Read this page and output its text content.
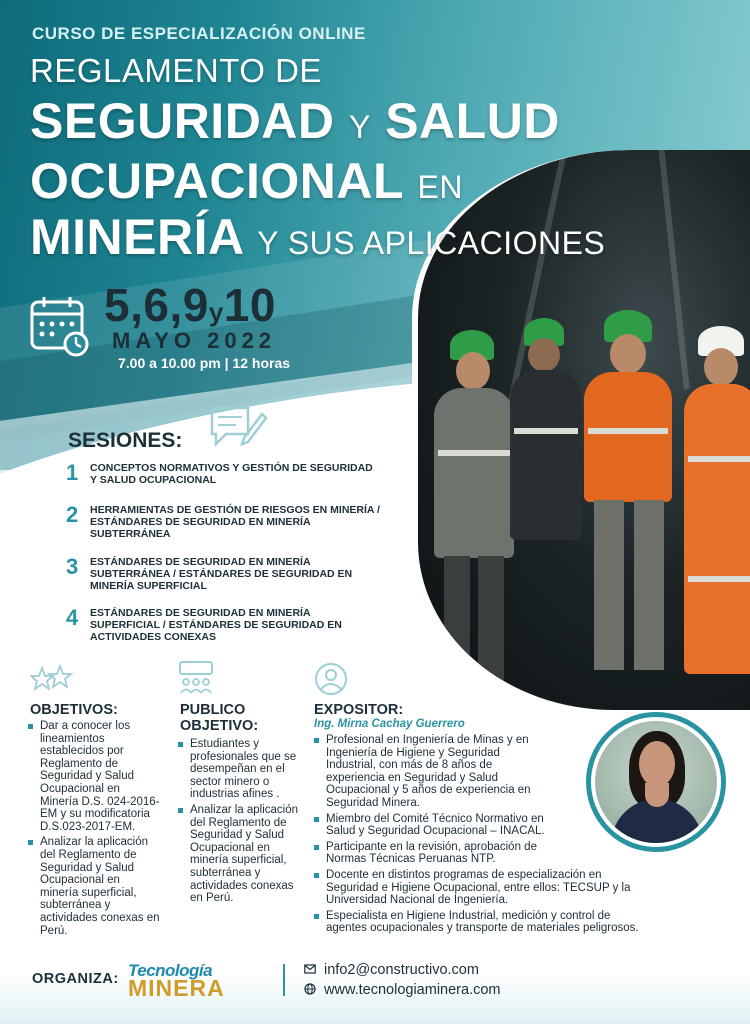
CURSO DE ESPECIALIZACIÓN ONLINE
REGLAMENTO DE
SEGURIDAD Y SALUD
OCUPACIONAL EN
MINERÍA Y SUS APLICACIONES
5,6,9y10
MAYO 2022
7.00 a 10.00 pm | 12 horas
SESIONES:
1 CONCEPTOS NORMATIVOS Y GESTIÓN DE SEGURIDAD Y SALUD OCUPACIONAL
2 HERRAMIENTAS DE GESTIÓN DE RIESGOS EN MINERÍA / ESTÁNDARES DE SEGURIDAD EN MINERÍA SUBTERRÁNEA
3 ESTÁNDARES DE SEGURIDAD EN MINERÍA SUBTERRÁNEA / ESTÁNDARES DE SEGURIDAD EN MINERÍA SUPERFICIAL
4 ESTÁNDARES DE SEGURIDAD EN MINERÍA SUPERFICIAL / ESTÁNDARES DE SEGURIDAD EN ACTIVIDADES CONEXAS
OBJETIVOS:
Dar a conocer los lineamientos establecidos por Reglamento de Seguridad y Salud Ocupacional en Minería D.S. 024-2016-EM y su modificatoria D.S.023-2017-EM.
Analizar la aplicación del Reglamento de Seguridad y Salud Ocupacional en minería superficial, subterránea y actividades conexas en Perú.
PUBLICO
OBJETIVO:
Estudiantes y profesionales que se desempeñan en el sector minero o industrias afines .
Analizar la aplicación del Reglamento de Seguridad y Salud Ocupacional en minería superficial, subterránea y actividades conexas en Perú.
EXPOSITOR:
Ing. Mirna Cachay Guerrero
Profesional en Ingeniería de Minas y en Ingeniería de Higiene y Seguridad Industrial, con más de 8 años de experiencia en Seguridad y Salud Ocupacional y 5 años de experiencia en Seguridad Minera.
Miembro del Comité Técnico Normativo en Salud y Seguridad Ocupacional – INACAL.
Participante en la revisión, aprobación de Normas Técnicas Peruanas NTP.
Docente en distintos programas de especialización en Seguridad e Higiene Ocupacional, entre ellos: TECSUP y la Universidad Nacional de Ingeniería.
Especialista en Higiene Industrial, medición y control de agentes ocupacionales y transporte de materiales peligrosos.
ORGANIZA: Tecnología
MINERA
info2@constructivo.com
www.tecnologiaminera.com
